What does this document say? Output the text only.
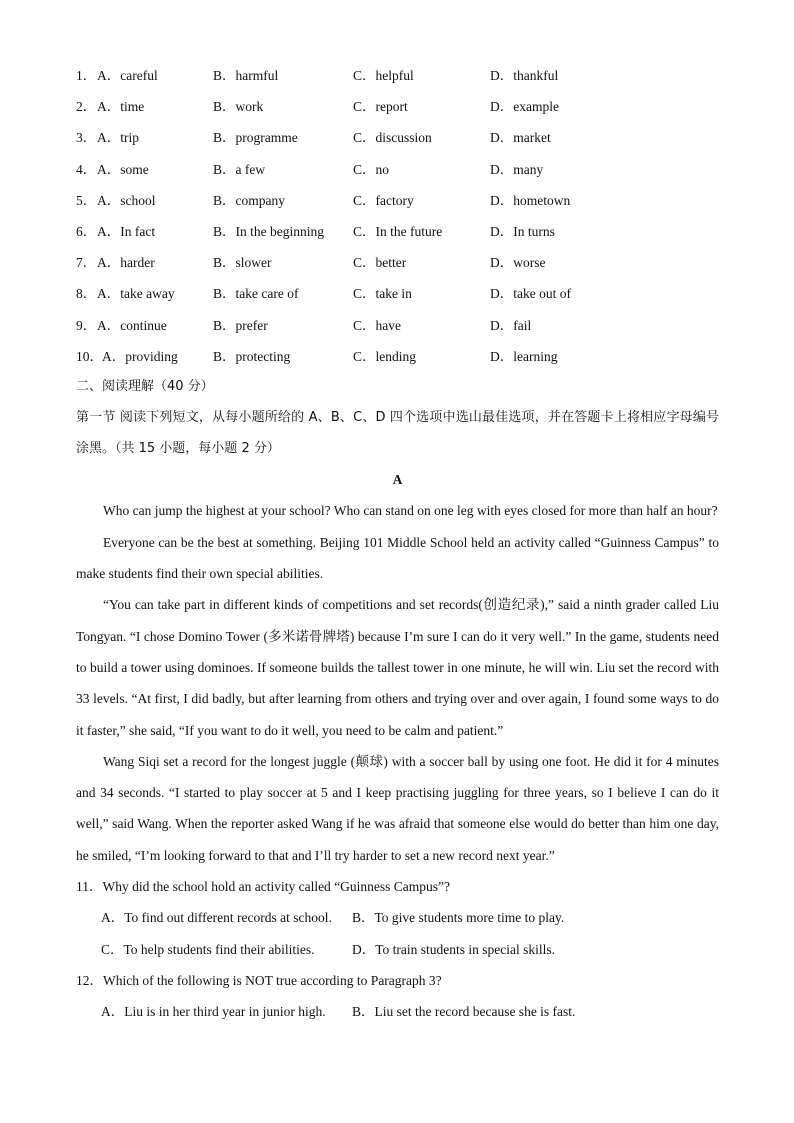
1． A．careful	B．harmful	C．helpful	D．thankful
2． A．time	B．work	C．report	D．example
3． A．trip	B．programme	C．discussion	D．market
4． A．some	B．a few	C．no	D．many
5． A．school	B．company	C．factory	D．hometown
6． A．In fact	B．In the beginning C．In the future	D．In turns
7． A．harder	B．slower	C．better	D．worse
8． A．take away	B．take care of	C．take in	D．take out of
9． A．continue	B．prefer	C．have	D．fail
10． A．providing	B．protecting	C．lending	D．learning
二、阅读理解（40 分）
第一节 阅读下列短文，从每小题所给的 A、B、C、D 四个选项中选山最佳选项，并在答题卡上将相应字母编号涂黑。（共 15 小题，每小题 2 分）
A

Who can jump the highest at your school? Who can stand on one leg with eyes closed for more than half an hour?

Everyone can be the best at something. Beijing 101 Middle School held an activity called “Guinness Campus” to make students find their own special abilities.

“You can take part in different kinds of competitions and set records(创造纪录),” said a ninth grader called Liu Tongyan. “I chose Domino Tower (多米诺骨牌塔) because I’m sure I can do it very well.” In the game, students need to build a tower using dominoes. If someone builds the tallest tower in one minute, he will win. Liu set the record with 33 levels. “At first, I did badly, but after learning from others and trying over and over again, I found some ways to do it faster,” she said, “If you want to do it well, you need to be calm and patient.”

Wang Siqi set a record for the longest juggle (颠球) with a soccer ball by using one foot. He did it for 4 minutes and 34 seconds. “I started to play soccer at 5 and I keep practising juggling for three years, so I believe I can do it well,” said Wang. When the reporter asked Wang if he was afraid that someone else would do better than him one day, he smiled, “I’m looking forward to that and I’ll try harder to set a new record next year.”

11．Why did the school hold an activity called “Guinness Campus”?
A．To find out different records at school. B．To give students more time to play.
C．To help students find their abilities.	D．To train students in special skills.
12．Which of the following is NOT true according to Paragraph 3?
A．Liu is in her third year in junior high. B．Liu set the record because she is fast.
